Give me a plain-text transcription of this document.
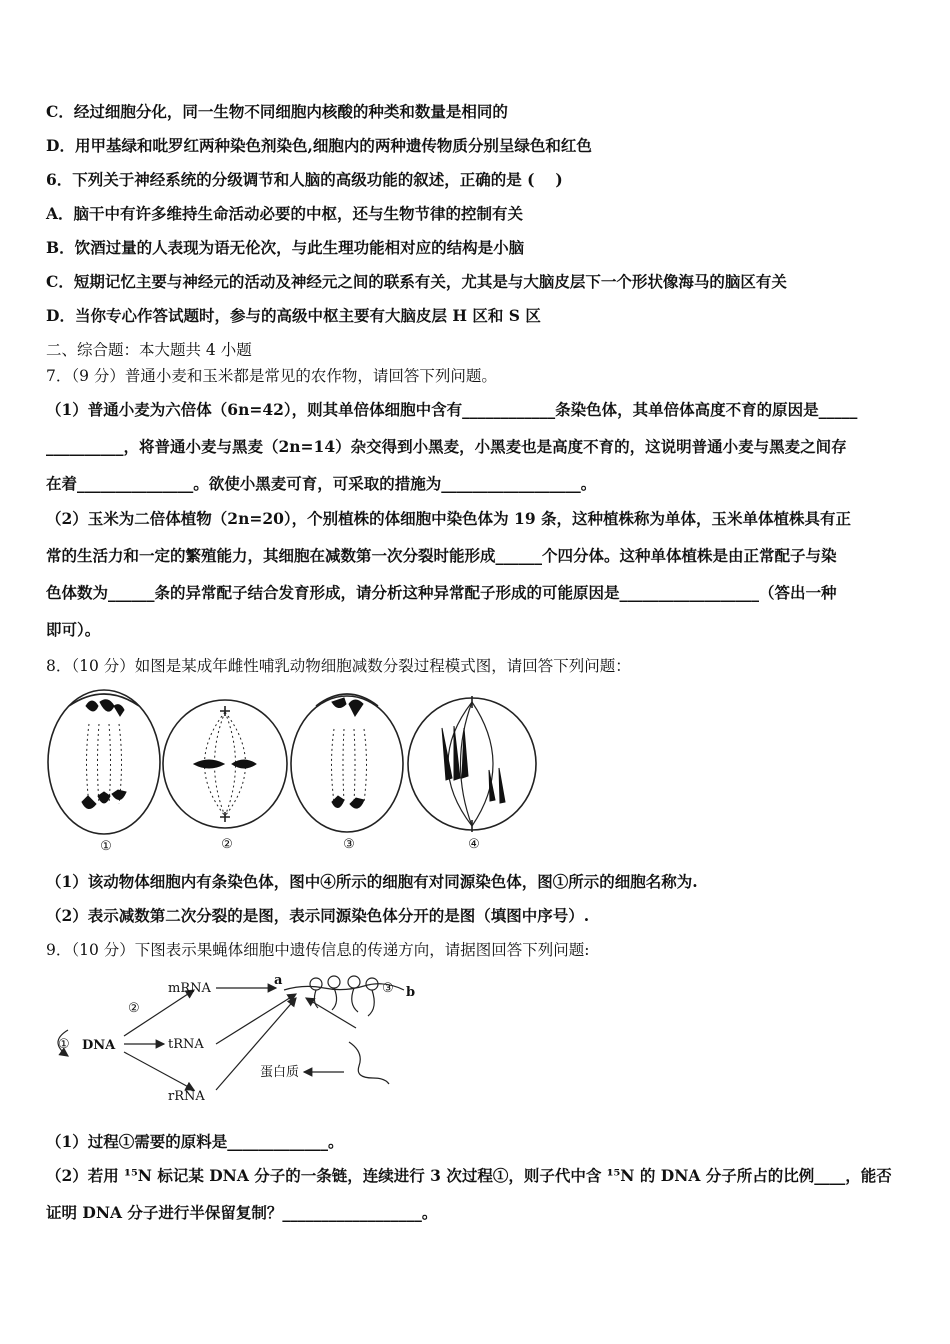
C．经过细胞分化，同一生物不同细胞内核酸的种类和数量是相同的
D．用甲基绿和吡罗红两种染色剂染色,细胞内的两种遗传物质分别呈绿色和红色
6．下列关于神经系统的分级调节和人脑的高级功能的叙述，正确的是 (　 )
A．脑干中有许多维持生命活动必要的中枢，还与生物节律的控制有关
B．饮酒过量的人表现为语无伦次，与此生理功能相对应的结构是小脑
C．短期记忆主要与神经元的活动及神经元之间的联系有关，尤其是与大脑皮层下一个形状像海马的脑区有关
D．当你专心作答试题时，参与的高级中枢主要有大脑皮层 H 区和 S 区
二、综合题：本大题共 4 小题
7．（9 分）普通小麦和玉米都是常见的农作物，请回答下列问题。
（1）普通小麦为六倍体（6n=42），则其单倍体细胞中含有____________条染色体，其单倍体高度不育的原因是_____
__________，将普通小麦与黑麦（2n=14）杂交得到小黑麦，小黑麦也是高度不育的，这说明普通小麦与黑麦之间存
在着_______________。欲使小黑麦可育，可采取的措施为__________________。
（2）玉米为二倍体植物（2n=20），个别植株的体细胞中染色体为 19 条，这种植株称为单体，玉米单体植株具有正
常的生活力和一定的繁殖能力，其细胞在减数第一次分裂时能形成______个四分体。这种单体植株是由正常配子与染
色体数为______条的异常配子结合发育形成，请分析这种异常配子形成的可能原因是__________________（答出一种
即可）。
8．（10 分）如图是某成年雌性哺乳动物细胞减数分裂过程模式图，请回答下列问题：
①	②	③	④
（1）该动物体细胞内有条染色体，图中④所示的细胞有对同源染色体，图①所示的细胞名称为.
（2）表示减数第二次分裂的是图，表示同源染色体分开的是图（填图中序号）.
9．（10 分）下图表示果蝇体细胞中遗传信息的传递方向，请据图回答下列问题:
① DNA
②
mRNA
tRNA
rRNA
a
③ b
蛋白质
（1）过程①需要的原料是_____________。
（2）若用 ¹⁵N 标记某 DNA 分子的一条链，连续进行 3 次过程①，则子代中含 ¹⁵N 的 DNA 分子所占的比例____，能否
证明 DNA 分子进行半保留复制？__________________。
